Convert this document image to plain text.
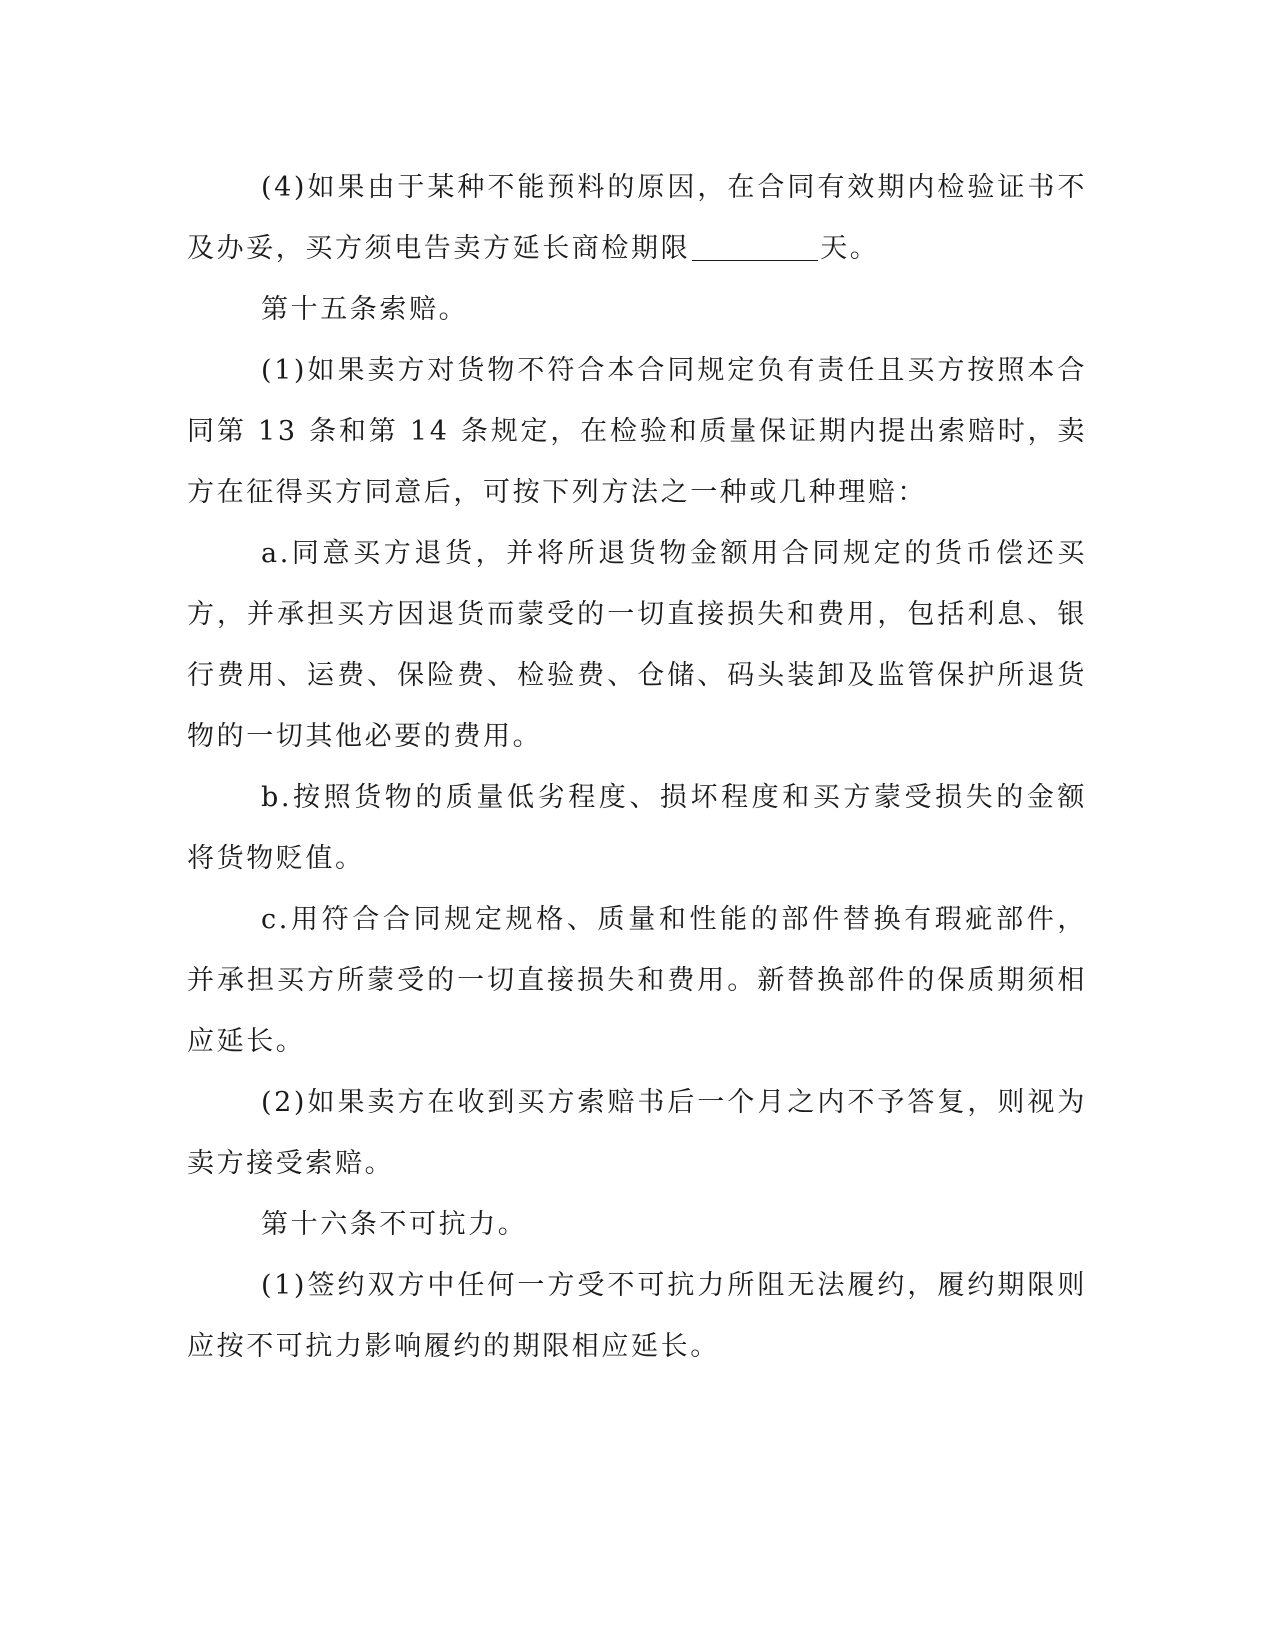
(4)如果由于某种不能预料的原因，在合同有效期内检验证书不及办妥，买方须电告卖方延长商检期限	天。

第十五条索赔。

(1)如果卖方对货物不符合本合同规定负有责任且买方按照本合同第 13 条和第 14 条规定，在检验和质量保证期内提出索赔时，卖方在征得买方同意后，可按下列方法之一种或几种理赔：

a.同意买方退货，并将所退货物金额用合同规定的货币偿还买方，并承担买方因退货而蒙受的一切直接损失和费用，包括利息、银行费用、运费、保险费、检验费、仓储、码头装卸及监管保护所退货物的一切其他必要的费用。

b.按照货物的质量低劣程度、损坏程度和买方蒙受损失的金额将货物贬值。

c.用符合合同规定规格、质量和性能的部件替换有瑕疵部件，并承担买方所蒙受的一切直接损失和费用。新替换部件的保质期须相应延长。

(2)如果卖方在收到买方索赔书后一个月之内不予答复，则视为卖方接受索赔。

第十六条不可抗力。

(1)签约双方中任何一方受不可抗力所阻无法履约，履约期限则应按不可抗力影响履约的期限相应延长。
